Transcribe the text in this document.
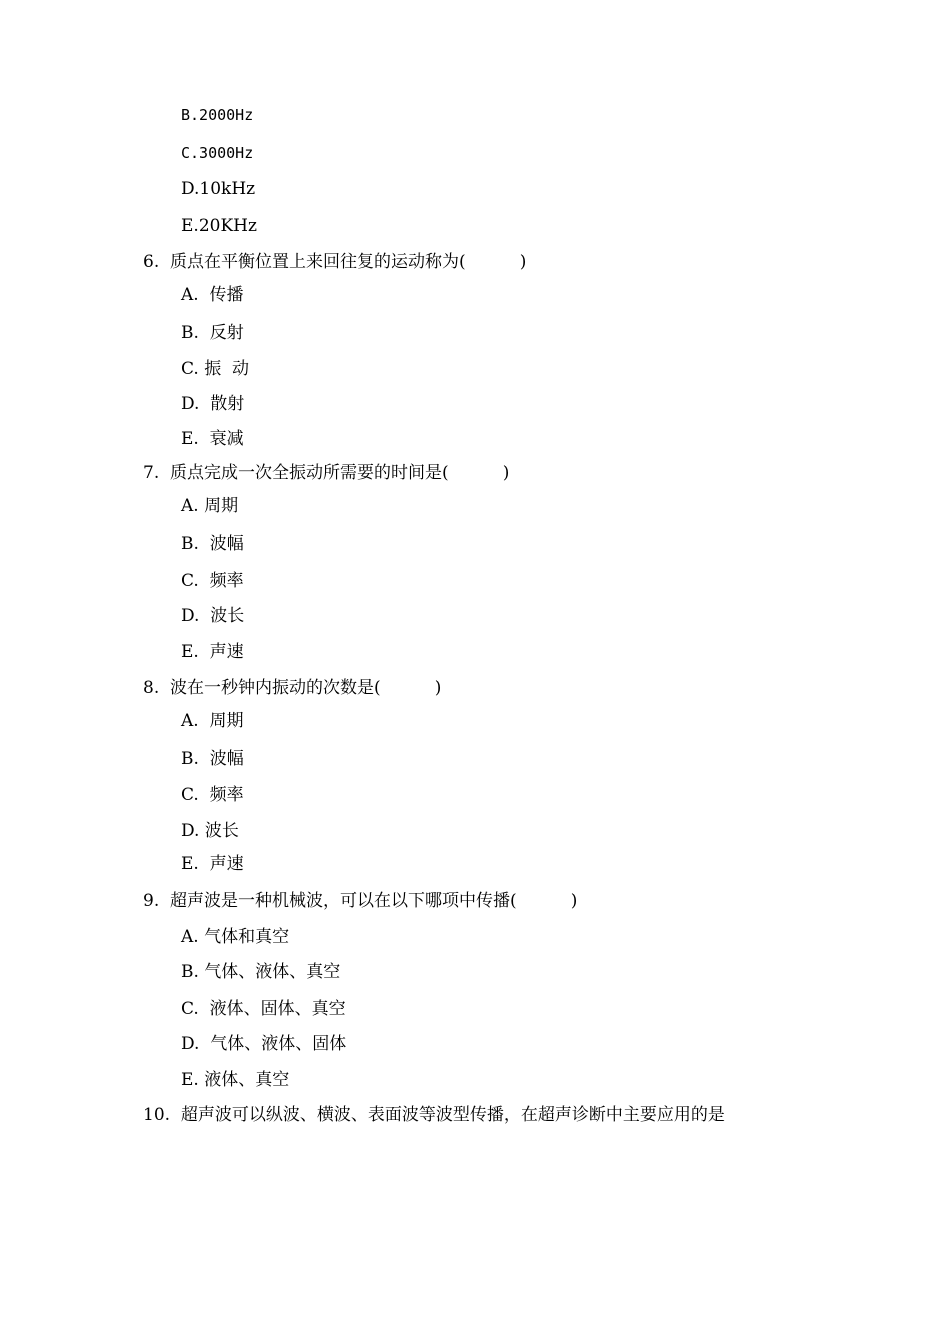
B.2000Hz
C.3000Hz
D.10kHz
E.20KHz
6.  质点在平衡位置上来回往复的运动称为(          )
A.  传播
B.  反射
C. 振  动
D.  散射
E.  衰减
7.  质点完成一次全振动所需要的时间是(          )
A. 周期
B.  波幅
C.  频率
D.  波长
E.  声速
8.  波在一秒钟内振动的次数是(          )
A.  周期
B.  波幅
C.  频率
D. 波长
E.  声速
9.  超声波是一种机械波，可以在以下哪项中传播(          )
A. 气体和真空
B. 气体、液体、真空
C.  液体、固体、真空
D.  气体、液体、固体
E. 液体、真空
10.  超声波可以纵波、横波、表面波等波型传播，在超声诊断中主要应用的是
